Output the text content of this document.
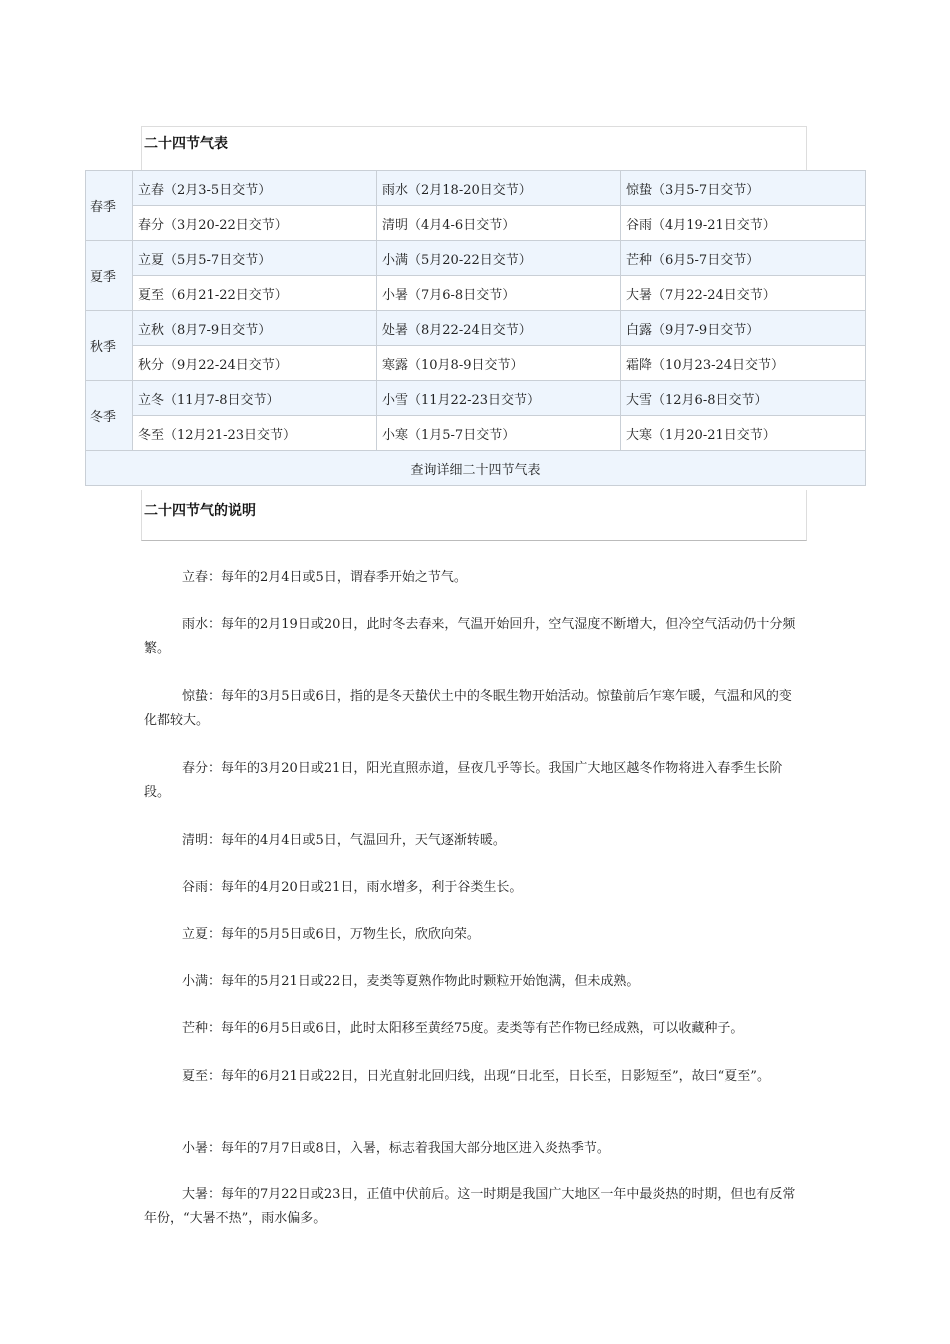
二十四节气表
春季	立春（2月3-5日交节）	雨水（2月18-20日交节）	惊蛰（3月5-7日交节）
	春分（3月20-22日交节）	清明（4月4-6日交节）	谷雨（4月19-21日交节）
夏季	立夏（5月5-7日交节）	小满（5月20-22日交节）	芒种（6月5-7日交节）
	夏至（6月21-22日交节）	小暑（7月6-8日交节）	大暑（7月22-24日交节）
秋季	立秋（8月7-9日交节）	处暑（8月22-24日交节）	白露（9月7-9日交节）
	秋分（9月22-24日交节）	寒露（10月8-9日交节）	霜降（10月23-24日交节）
冬季	立冬（11月7-8日交节）	小雪（11月22-23日交节）	大雪（12月6-8日交节）
	冬至（12月21-23日交节）	小寒（1月5-7日交节）	大寒（1月20-21日交节）
查询详细二十四节气表			
二十四节气的说明

立春：每年的2月4日或5日，谓春季开始之节气。

雨水：每年的2月19日或20日，此时冬去春来，气温开始回升，空气湿度不断增大，但冷空气活动仍十分频繁。

惊蛰：每年的3月5日或6日，指的是冬天蛰伏土中的冬眠生物开始活动。惊蛰前后乍寒乍暖，气温和风的变化都较大。

春分：每年的3月20日或21日，阳光直照赤道，昼夜几乎等长。我国广大地区越冬作物将进入春季生长阶段。

清明：每年的4月4日或5日，气温回升，天气逐渐转暖。

谷雨：每年的4月20日或21日，雨水增多，利于谷类生长。

立夏：每年的5月5日或6日，万物生长，欣欣向荣。

小满：每年的5月21日或22日，麦类等夏熟作物此时颗粒开始饱满，但未成熟。

芒种：每年的6月5日或6日，此时太阳移至黄经75度。麦类等有芒作物已经成熟，可以收藏种子。

夏至：每年的6月21日或22日，日光直射北回归线，出现“日北至，日长至，日影短至”，故曰“夏至”。

小暑：每年的7月7日或8日，入暑，标志着我国大部分地区进入炎热季节。

大暑：每年的7月22日或23日，正值中伏前后。这一时期是我国广大地区一年中最炎热的时期，但也有反常年份，“大暑不热”，雨水偏多。
